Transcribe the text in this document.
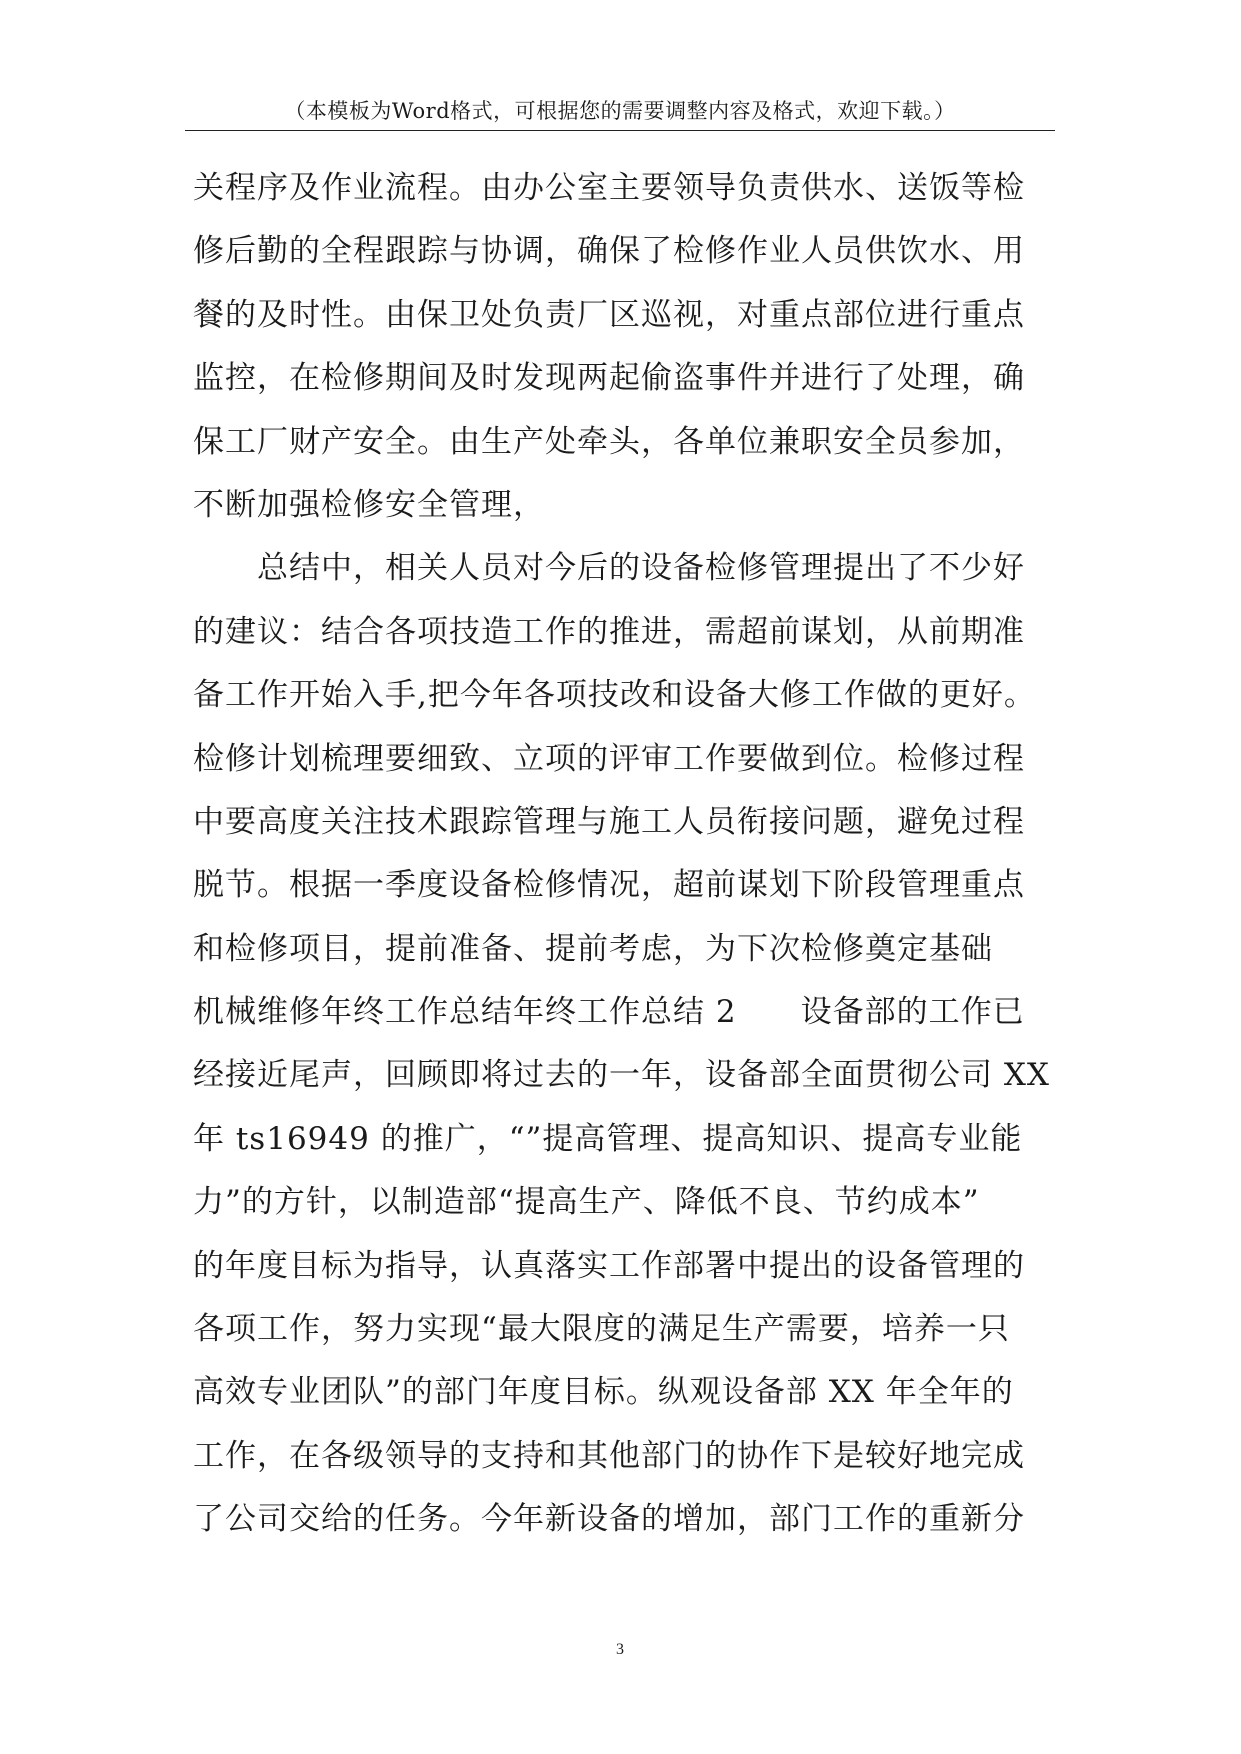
（本模板为Word格式，可根据您的需要调整内容及格式，欢迎下载。）
关程序及作业流程。由办公室主要领导负责供水、送饭等检
修后勤的全程跟踪与协调，确保了检修作业人员供饮水、用
餐的及时性。由保卫处负责厂区巡视，对重点部位进行重点
监控，在检修期间及时发现两起偷盗事件并进行了处理，确
保工厂财产安全。由生产处牵头，各单位兼职安全员参加，
不断加强检修安全管理，
　　总结中，相关人员对今后的设备检修管理提出了不少好
的建议：结合各项技造工作的推进，需超前谋划，从前期准
备工作开始入手,把今年各项技改和设备大修工作做的更好。
检修计划梳理要细致、立项的评审工作要做到位。检修过程
中要高度关注技术跟踪管理与施工人员衔接问题，避免过程
脱节。根据一季度设备检修情况，超前谋划下阶段管理重点
和检修项目，提前准备、提前考虑，为下次检修奠定基础
机械维修年终工作总结年终工作总结 2　　设备部的工作已
经接近尾声，回顾即将过去的一年，设备部全面贯彻公司 XX
年 ts16949 的推广，“”提高管理、提高知识、提高专业能
力”的方针，以制造部“提高生产、降低不良、节约成本”
的年度目标为指导，认真落实工作部署中提出的设备管理的
各项工作，努力实现“最大限度的满足生产需要，培养一只
高效专业团队”的部门年度目标。纵观设备部 XX 年全年的
工作，在各级领导的支持和其他部门的协作下是较好地完成
了公司交给的任务。今年新设备的增加，部门工作的重新分
3
